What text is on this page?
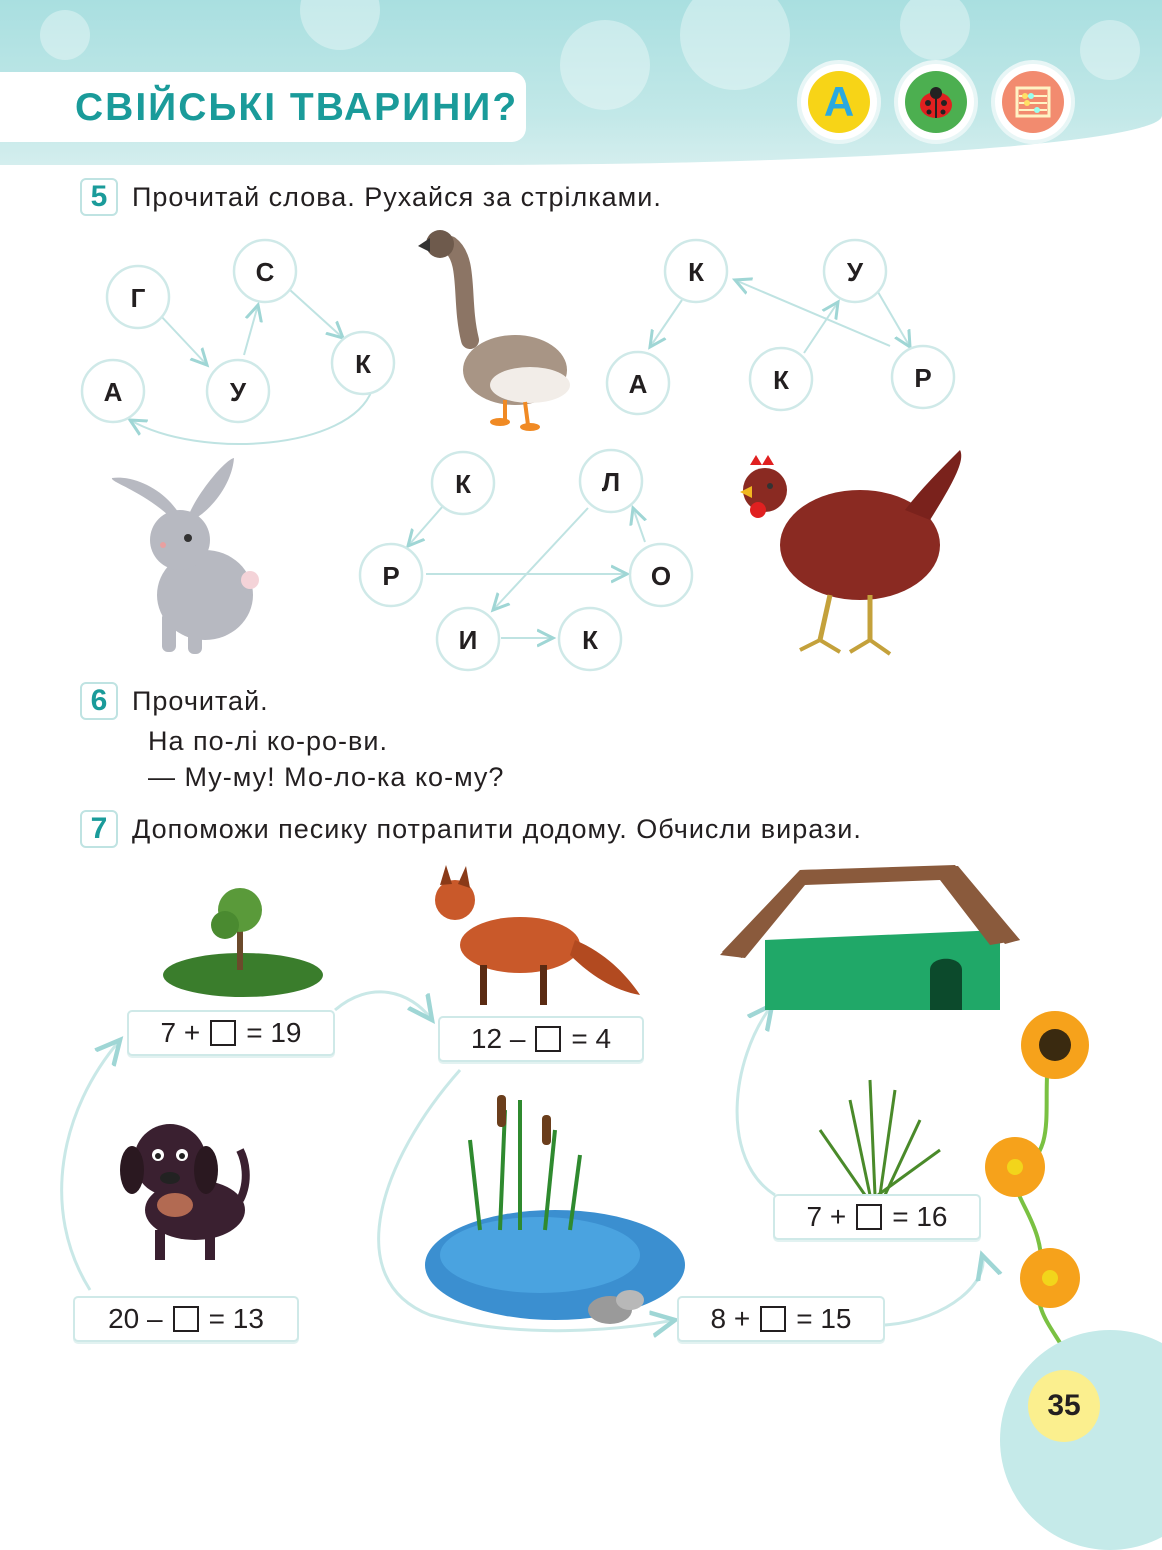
СВІЙСЬКІ ТВАРИНИ?	А
5 Прочитай слова. Рухайся за стрілками.
Г
С
А	У
К
К	У
А	К	Р
К	Л
Р	О
И	К
6 Прочитай.
На по-лі ко-ро-ви.
— Му-му! Мо-ло-ка ко-му?
7 Допоможи песику потрапити додому. Обчисли вирази.
7
+ =
19	12
– =
4
20
– =
13	8
+ =
15
7
+ =
16
35
